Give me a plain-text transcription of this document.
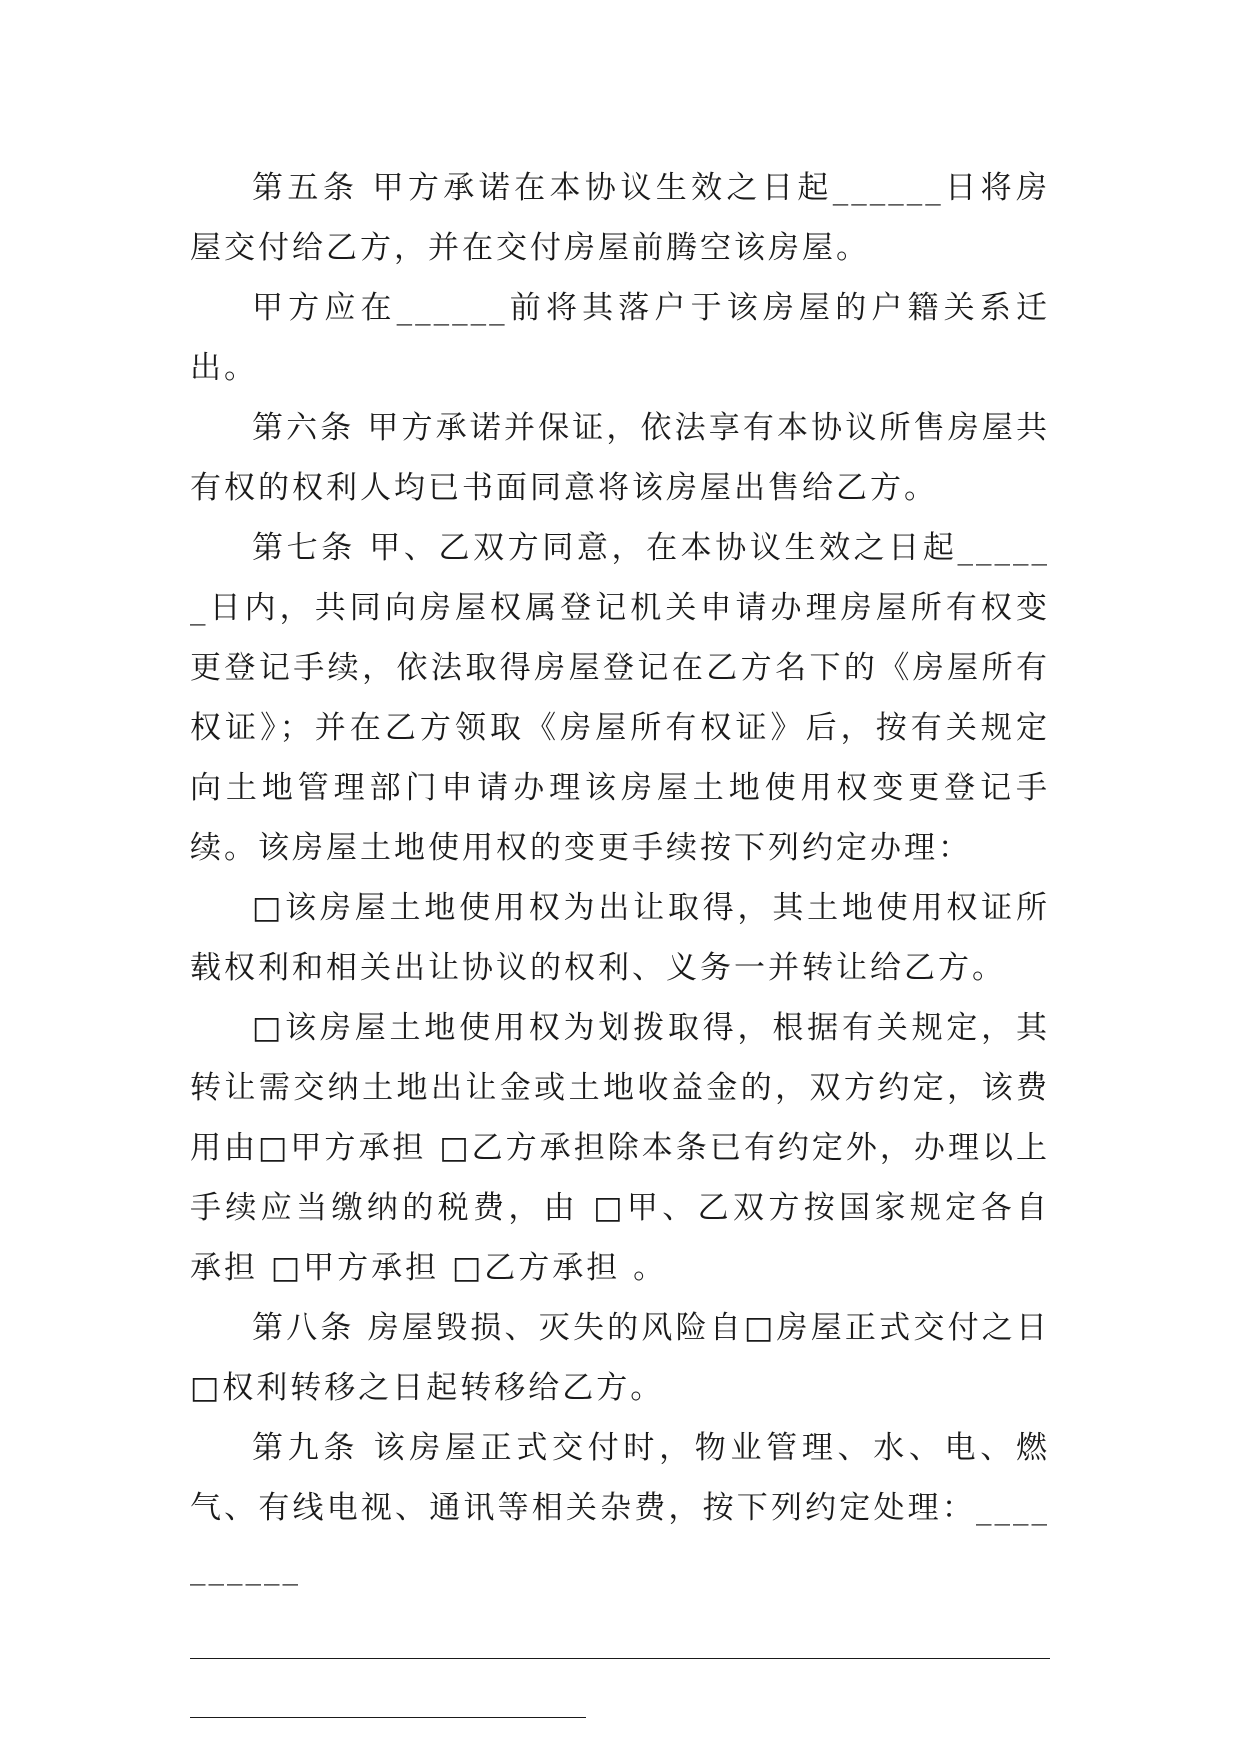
第五条 甲方承诺在本协议生效之日起______日将房屋交付给乙方，并在交付房屋前腾空该房屋。

甲方应在______前将其落户于该房屋的户籍关系迁出。

第六条 甲方承诺并保证，依法享有本协议所售房屋共有权的权利人均已书面同意将该房屋出售给乙方。

第七条 甲、乙双方同意，在本协议生效之日起______日内，共同向房屋权属登记机关申请办理房屋所有权变更登记手续，依法取得房屋登记在乙方名下的《房屋所有权证》；并在乙方领取《房屋所有权证》后，按有关规定向土地管理部门申请办理该房屋土地使用权变更登记手续。该房屋土地使用权的变更手续按下列约定办理：

□该房屋土地使用权为出让取得，其土地使用权证所载权利和相关出让协议的权利、义务一并转让给乙方。

□该房屋土地使用权为划拨取得，根据有关规定，其转让需交纳土地出让金或土地收益金的，双方约定，该费用由□甲方承担 □乙方承担除本条已有约定外，办理以上手续应当缴纳的税费，由 □甲、乙双方按国家规定各自承担 □甲方承担 □乙方承担 。

第八条 房屋毁损、灭失的风险自□房屋正式交付之日□权利转移之日起转移给乙方。

第九条 该房屋正式交付时，物业管理、水、电、燃气、有线电视、通讯等相关杂费，按下列约定处理：__________
